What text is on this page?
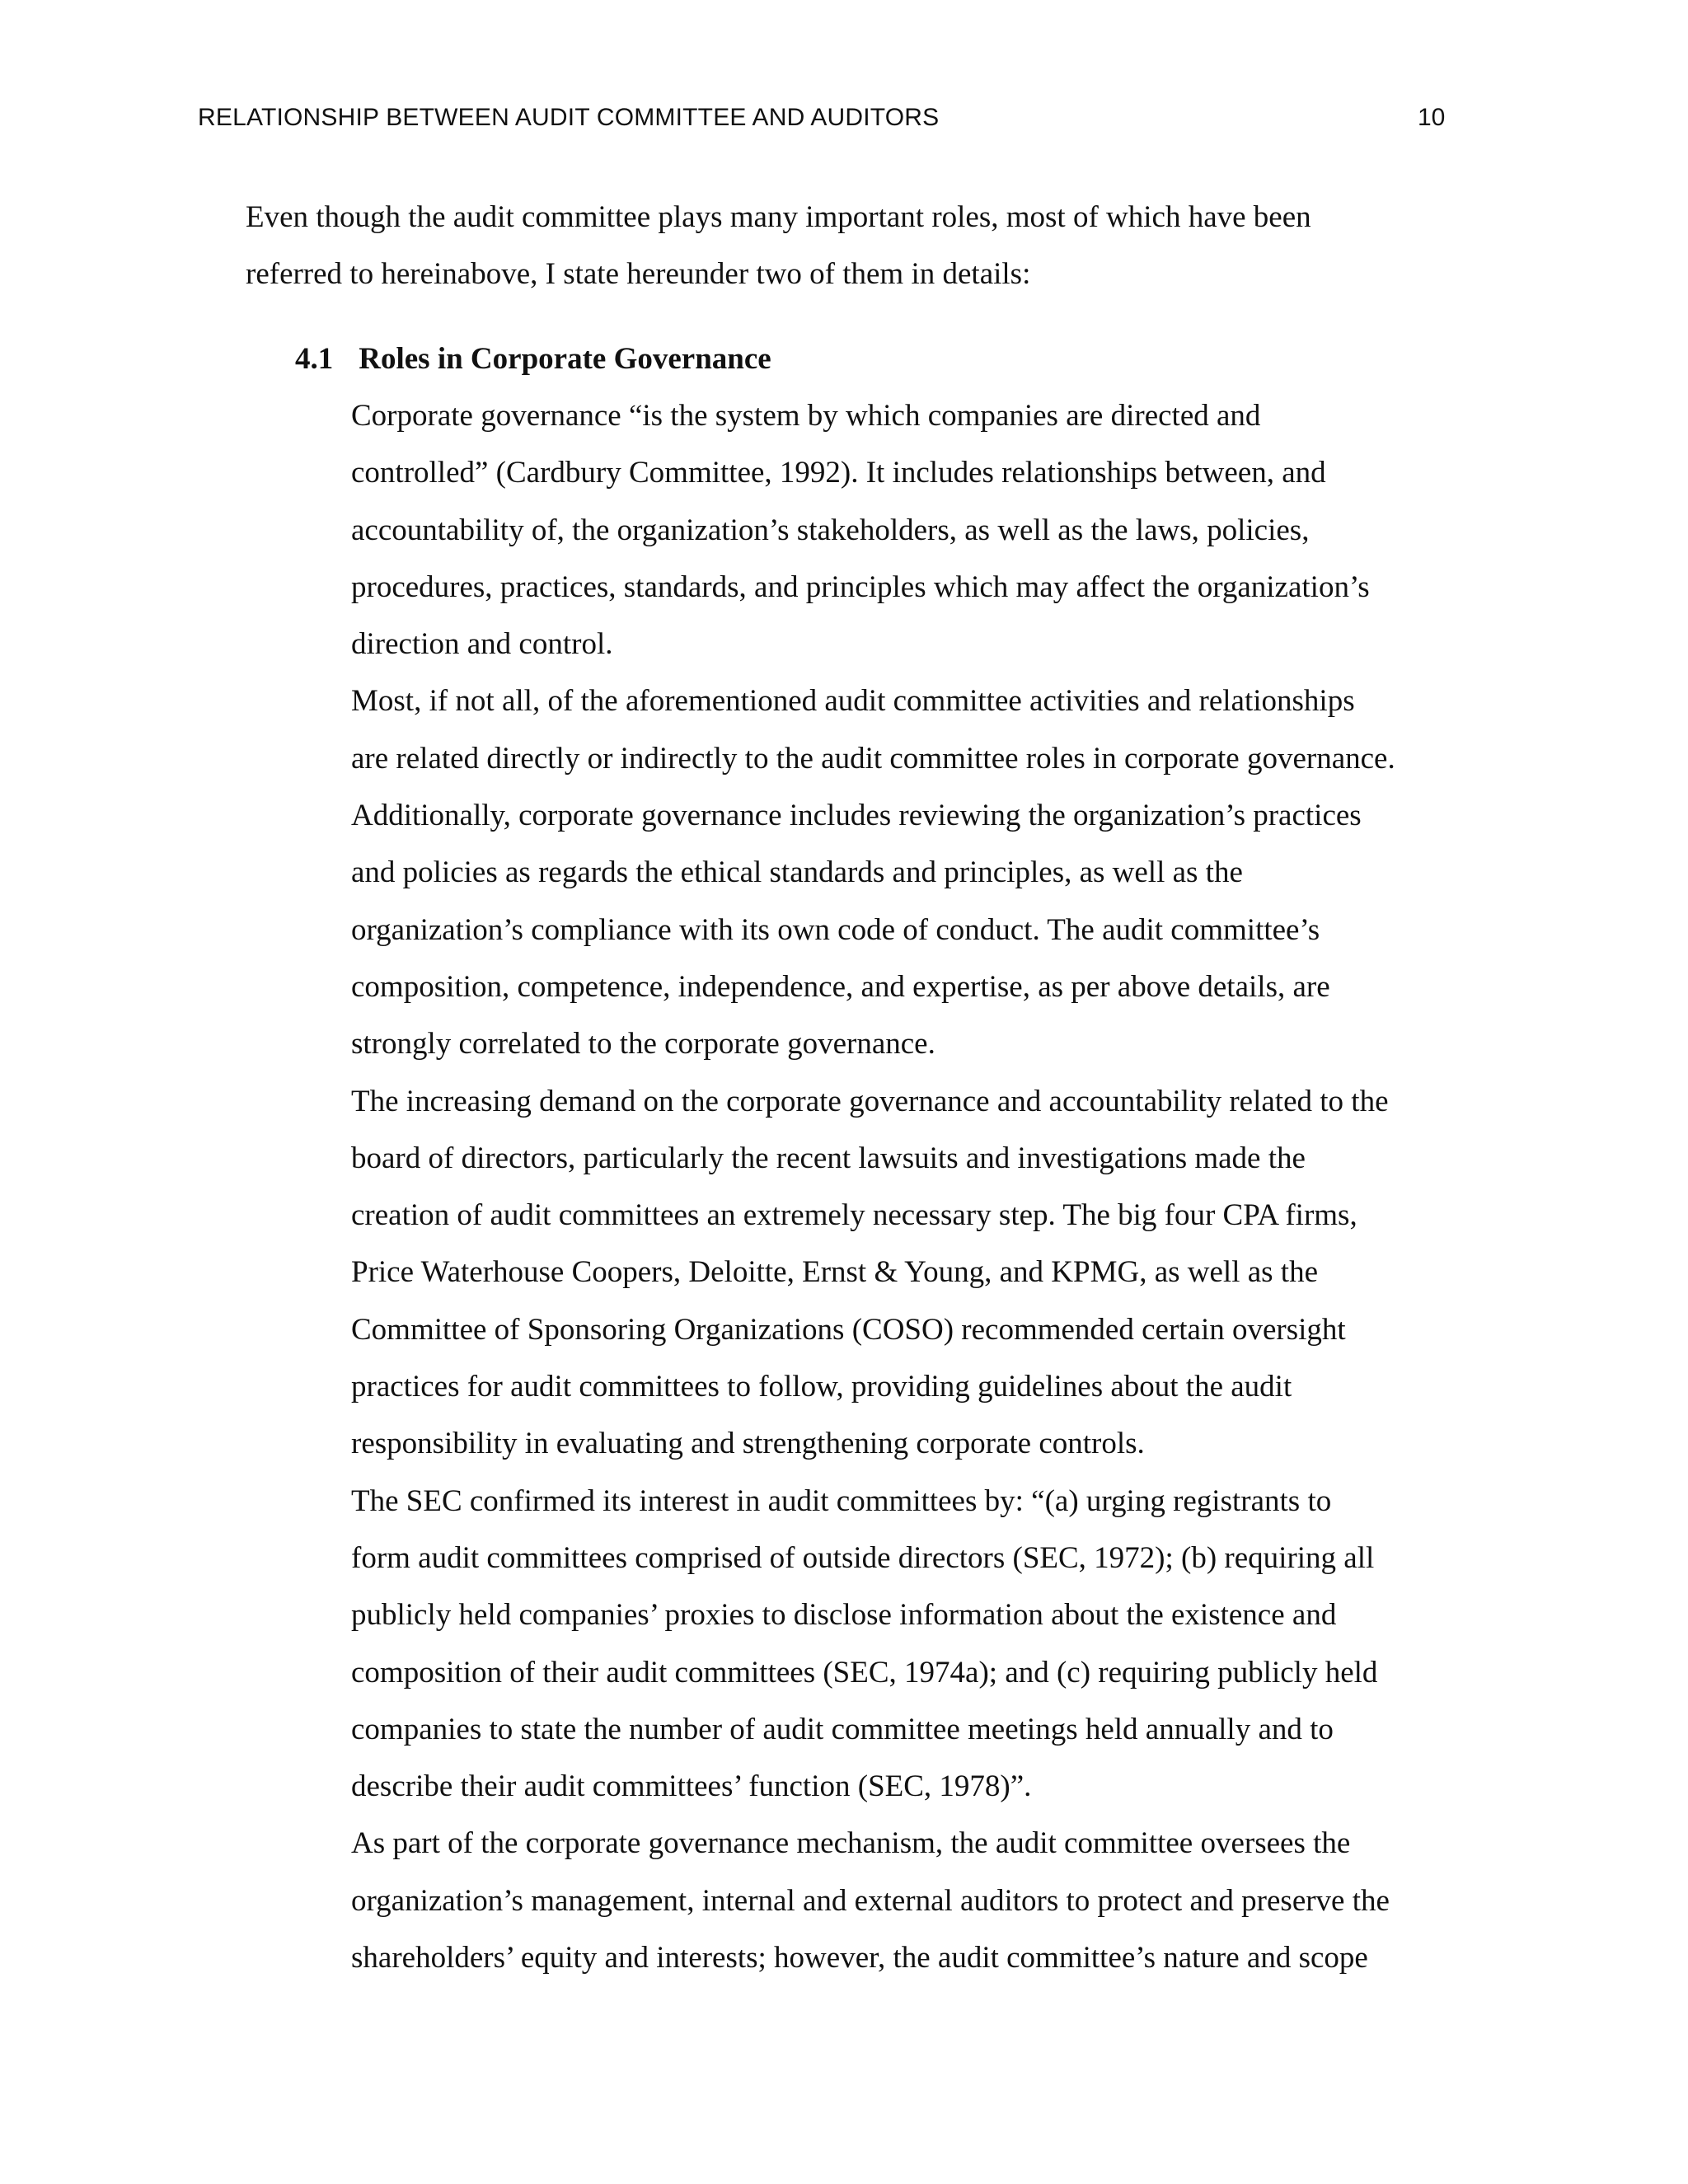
RELATIONSHIP BETWEEN AUDIT COMMITTEE AND AUDITORS	10

Even though the audit committee plays many important roles, most of which have been
referred to hereinabove, I state hereunder two of them in details:

4.1 Roles in Corporate Governance

Corporate governance “is the system by which companies are directed and
controlled” (Cardbury Committee, 1992). It includes relationships between, and
accountability of, the organization’s stakeholders, as well as the laws, policies,
procedures, practices, standards, and principles which may affect the organization’s
direction and control.

Most, if not all, of the aforementioned audit committee activities and relationships
are related directly or indirectly to the audit committee roles in corporate governance.
Additionally, corporate governance includes reviewing the organization’s practices
and policies as regards the ethical standards and principles, as well as the
organization’s compliance with its own code of conduct. The audit committee’s
composition, competence, independence, and expertise, as per above details, are
strongly correlated to the corporate governance.

The increasing demand on the corporate governance and accountability related to the
board of directors, particularly the recent lawsuits and investigations made the
creation of audit committees an extremely necessary step. The big four CPA firms,
Price Waterhouse Coopers, Deloitte, Ernst & Young, and KPMG, as well as the
Committee of Sponsoring Organizations (COSO) recommended certain oversight
practices for audit committees to follow, providing guidelines about the audit
responsibility in evaluating and strengthening corporate controls.

The SEC confirmed its interest in audit committees by: “(a) urging registrants to
form audit committees comprised of outside directors (SEC, 1972); (b) requiring all
publicly held companies’ proxies to disclose information about the existence and
composition of their audit committees (SEC, 1974a); and (c) requiring publicly held
companies to state the number of audit committee meetings held annually and to
describe their audit committees’ function (SEC, 1978)”.

As part of the corporate governance mechanism, the audit committee oversees the
organization’s management, internal and external auditors to protect and preserve the
shareholders’ equity and interests; however, the audit committee’s nature and scope
